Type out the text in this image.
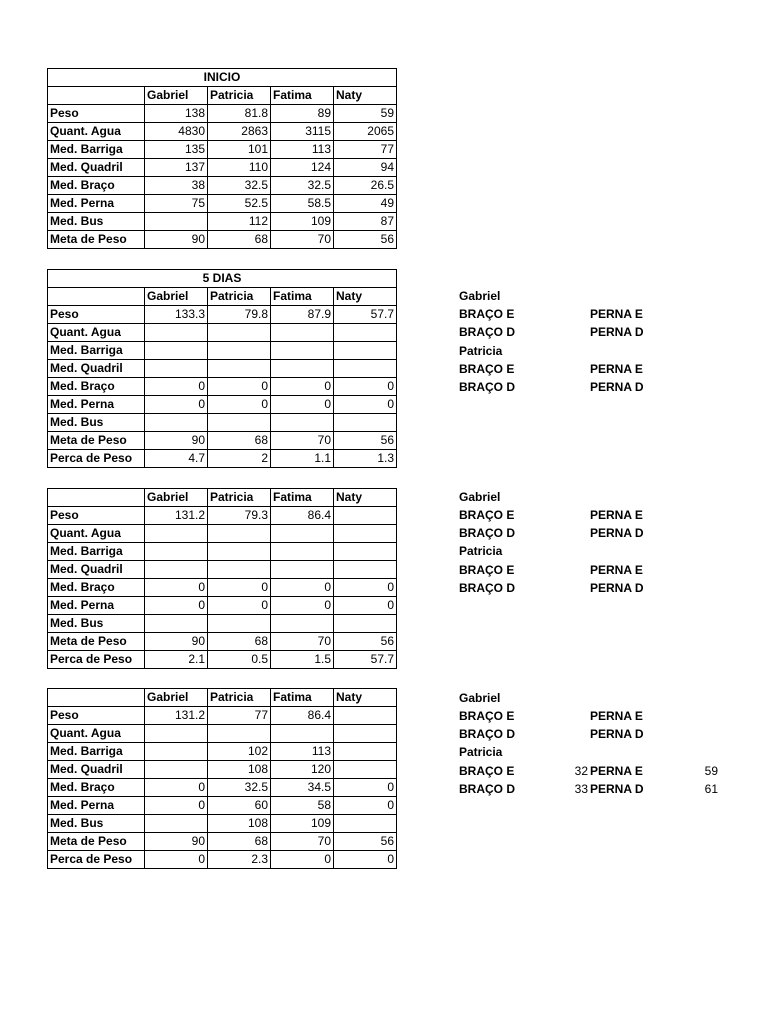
INICIO				
	Gabriel	Patricia	Fatima	Naty
Peso	138	81.8	89	59
Quant. Agua	4830	2863	3115	2065
Med. Barriga	135	101	113	77
Med. Quadril	137	110	124	94
Med. Braço	38	32.5	32.5	26.5
Med. Perna	75	52.5	58.5	49
Med. Bus		112	109	87
Meta de Peso	90	68	70	56
5 DIAS				
	Gabriel	Patricia	Fatima	Naty
Peso	133.3	79.8	87.9	57.7
Quant. Agua				
Med. Barriga				
Med. Quadril				
Med. Braço	0	0	0	0
Med. Perna	0	0	0	0
Med. Bus				
Meta de Peso	90	68	70	56
Perca de Peso	4.7	2	1.1	1.3
	Gabriel	Patricia	Fatima	Naty
Peso	131.2	79.3	86.4	
Quant. Agua				
Med. Barriga				
Med. Quadril				
Med. Braço	0	0	0	0
Med. Perna	0	0	0	0
Med. Bus				
Meta de Peso	90	68	70	56
Perca de Peso	2.1	0.5	1.5	57.7
	Gabriel	Patricia	Fatima	Naty
Peso	131.2	77	86.4	
Quant. Agua				
Med. Barriga		102	113	
Med. Quadril		108	120	
Med. Braço	0	32.5	34.5	0
Med. Perna	0	60	58	0
Med. Bus		108	109	
Meta de Peso	90	68	70	56
Perca de Peso	0	2.3	0	0
Gabriel
BRAÇO E	PERNA E
BRAÇO D	PERNA D
Patricia
BRAÇO E	PERNA E
BRAÇO D	PERNA D
Gabriel
BRAÇO E	PERNA E
BRAÇO D	PERNA D
Patricia
BRAÇO E	PERNA E
BRAÇO D	PERNA D
Gabriel
BRAÇO E	PERNA E
BRAÇO D	PERNA D
Patricia
BRAÇO E	32 PERNA E	59
BRAÇO D	33 PERNA D	61
